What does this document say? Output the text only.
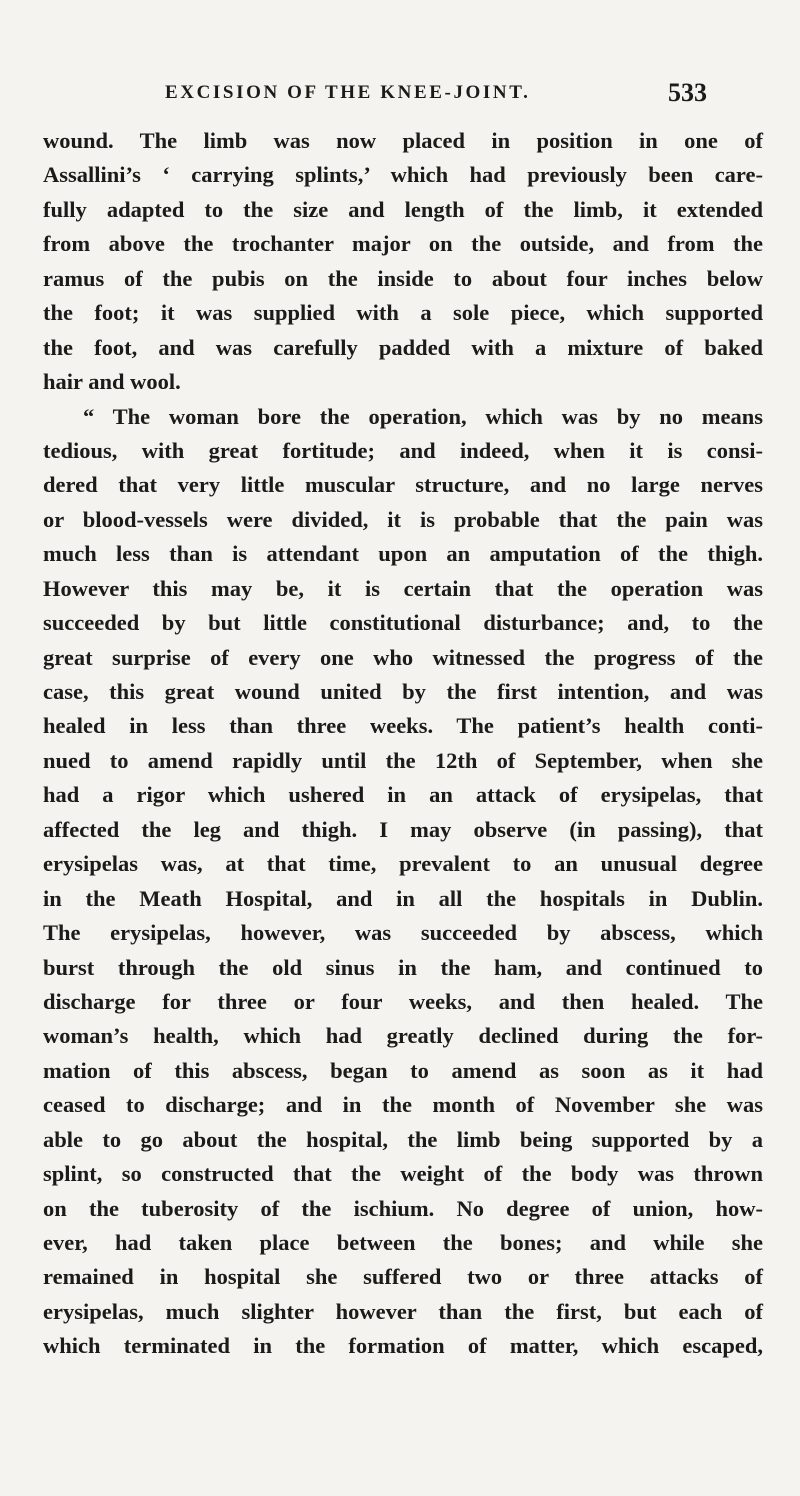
EXCISION OF THE KNEE-JOINT.	533
wound. The limb was now placed in position in one of
Assallini’s ‘ carrying splints,’ which had previously been care-
fully adapted to the size and length of the limb, it extended
from above the trochanter major on the outside, and from the
ramus of the pubis on the inside to about four inches below
the foot; it was supplied with a sole piece, which supported
the foot, and was carefully padded with a mixture of baked
hair and wool.
“ The woman bore the operation, which was by no means
tedious, with great fortitude; and indeed, when it is consi-
dered that very little muscular structure, and no large nerves
or blood-vessels were divided, it is probable that the pain was
much less than is attendant upon an amputation of the thigh.
However this may be, it is certain that the operation was
succeeded by but little constitutional disturbance; and, to the
great surprise of every one who witnessed the progress of the
case, this great wound united by the first intention, and was
healed in less than three weeks. The patient’s health conti-
nued to amend rapidly until the 12th of September, when she
had a rigor which ushered in an attack of erysipelas, that
affected the leg and thigh. I may observe (in passing), that
erysipelas was, at that time, prevalent to an unusual degree
in the Meath Hospital, and in all the hospitals in Dublin.
The erysipelas, however, was succeeded by abscess, which
burst through the old sinus in the ham, and continued to
discharge for three or four weeks, and then healed. The
woman’s health, which had greatly declined during the for-
mation of this abscess, began to amend as soon as it had
ceased to discharge; and in the month of November she was
able to go about the hospital, the limb being supported by a
splint, so constructed that the weight of the body was thrown
on the tuberosity of the ischium. No degree of union, how-
ever, had taken place between the bones; and while she
remained in hospital she suffered two or three attacks of
erysipelas, much slighter however than the first, but each of
which terminated in the formation of matter, which escaped,
